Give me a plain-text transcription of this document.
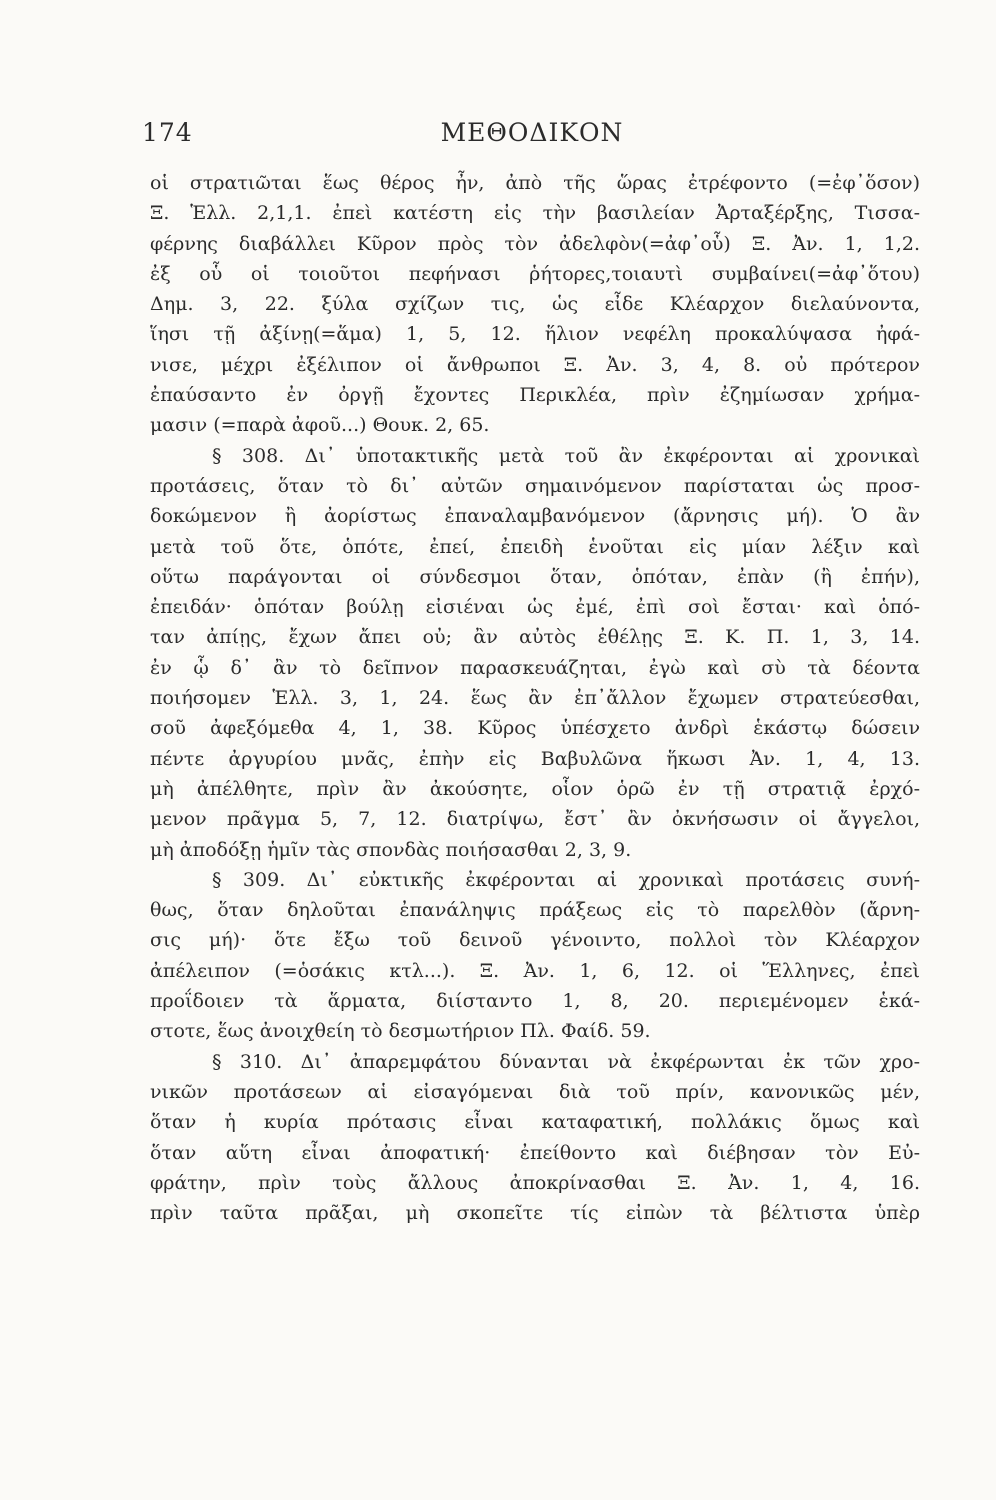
174	ΜΕΘΟΔΙΚΟΝ
οἱ στρατιῶται ἕως θέρος ἦν, ἀπὸ τῆς ὥρας ἐτρέφοντο (=ἐφ᾽ὅσον)
Ξ. Ἑλλ. 2,1,1. ἐπεὶ κατέστη εἰς τὴν βασιλείαν Ἀρταξέρξης, Τισσα-
φέρνης διαβάλλει Κῦρον πρὸς τὸν ἀδελφὸν(=ἀφ᾽οὗ) Ξ. Ἀν. 1, 1,2.
ἐξ οὗ οἱ τοιοῦτοι πεφήνασι ῥήτορες,τοιαυτὶ συμβαίνει(=ἀφ᾽ὅτου)
Δημ. 3, 22. ξύλα σχίζων τις, ὡς εἶδε Κλέαρχον διελαύνοντα,
ἵησι τῇ ἀξίνῃ(=ἅμα) 1, 5, 12. ἥλιον νεφέλη προκαλύψασα ἠφά-
νισε, μέχρι ἐξέλιπον οἱ ἄνθρωποι Ξ. Ἀν. 3, 4, 8. οὐ πρότερον
ἐπαύσαντο ἐν ὀργῇ ἔχοντες Περικλέα, πρὶν ἐζημίωσαν χρήμα-
μασιν (=παρὰ ἀφοῦ...) Θουκ. 2, 65.
§ 308. Δι᾽ ὑποτακτικῆς μετὰ τοῦ ἂν ἐκφέρονται αἱ χρονικαὶ
προτάσεις, ὅταν τὸ δι᾽ αὐτῶν σημαινόμενον παρίσταται ὡς προσ-
δοκώμενον ἢ ἀορίστως ἐπαναλαμβανόμενον (ἄρνησις μή). Ὁ ἂν
μετὰ τοῦ ὅτε, ὁπότε, ἐπεί, ἐπειδὴ ἑνοῦται εἰς μίαν λέξιν καὶ
οὕτω παράγονται οἱ σύνδεσμοι ὅταν, ὁπόταν, ἐπὰν (ἢ ἐπήν),
ἐπειδάν· ὁπόταν βούλῃ εἰσιέναι ὡς ἐμέ, ἐπὶ σοὶ ἔσται· καὶ ὁπό-
ταν ἀπίῃς, ἔχων ἄπει οὐ; ἂν αὐτὸς ἐθέλῃς Ξ. Κ. Π. 1, 3, 14.
ἐν ᾧ δ᾽ ἂν τὸ δεῖπνον παρασκευάζηται, ἐγὼ καὶ σὺ τὰ δέοντα
ποιήσομεν Ἑλλ. 3, 1, 24. ἕως ἂν ἐπ᾽ἄλλον ἔχωμεν στρατεύεσθαι,
σοῦ ἀφεξόμεθα 4, 1, 38. Κῦρος ὑπέσχετο ἀνδρὶ ἑκάστῳ δώσειν
πέντε ἀργυρίου μνᾶς, ἐπὴν εἰς Βαβυλῶνα ἥκωσι Ἀν. 1, 4, 13.
μὴ ἀπέλθητε, πρὶν ἂν ἀκούσητε, οἷον ὁρῶ ἐν τῇ στρατιᾷ ἐρχό-
μενον πρᾶγμα 5, 7, 12. διατρίψω, ἔστ᾽ ἂν ὀκνήσωσιν οἱ ἄγγελοι,
μὴ ἀποδόξῃ ἡμῖν τὰς σπονδὰς ποιήσασθαι 2, 3, 9.
§ 309. Δι᾽ εὐκτικῆς ἐκφέρονται αἱ χρονικαὶ προτάσεις συνή-
θως, ὅταν δηλοῦται ἐπανάληψις πράξεως εἰς τὸ παρελθὸν (ἄρνη-
σις μή)· ὅτε ἔξω τοῦ δεινοῦ γένοιντο, πολλοὶ τὸν Κλέαρχον
ἀπέλειπον (=ὁσάκις κτλ...). Ξ. Ἀν. 1, 6, 12. οἱ Ἕλληνες, ἐπεὶ
προΐδοιεν τὰ ἅρματα, διίσταντο 1, 8, 20. περιεμένομεν ἑκά-
στοτε, ἕως ἀνοιχθείη τὸ δεσμωτήριον Πλ. Φαίδ. 59.
§ 310. Δι᾽ ἀπαρεμφάτου δύνανται νὰ ἐκφέρωνται ἐκ τῶν χρο-
νικῶν προτάσεων αἱ εἰσαγόμεναι διὰ τοῦ πρίν, κανονικῶς μέν,
ὅταν ἡ κυρία πρότασις εἶναι καταφατική, πολλάκις ὅμως καὶ
ὅταν αὕτη εἶναι ἀποφατική· ἐπείθοντο καὶ διέβησαν τὸν Εὐ-
φράτην, πρὶν τοὺς ἄλλους ἀποκρίνασθαι Ξ. Ἀν. 1, 4, 16.
πρὶν ταῦτα πρᾶξαι, μὴ σκοπεῖτε τίς εἰπὼν τὰ βέλτιστα ὑπὲρ
